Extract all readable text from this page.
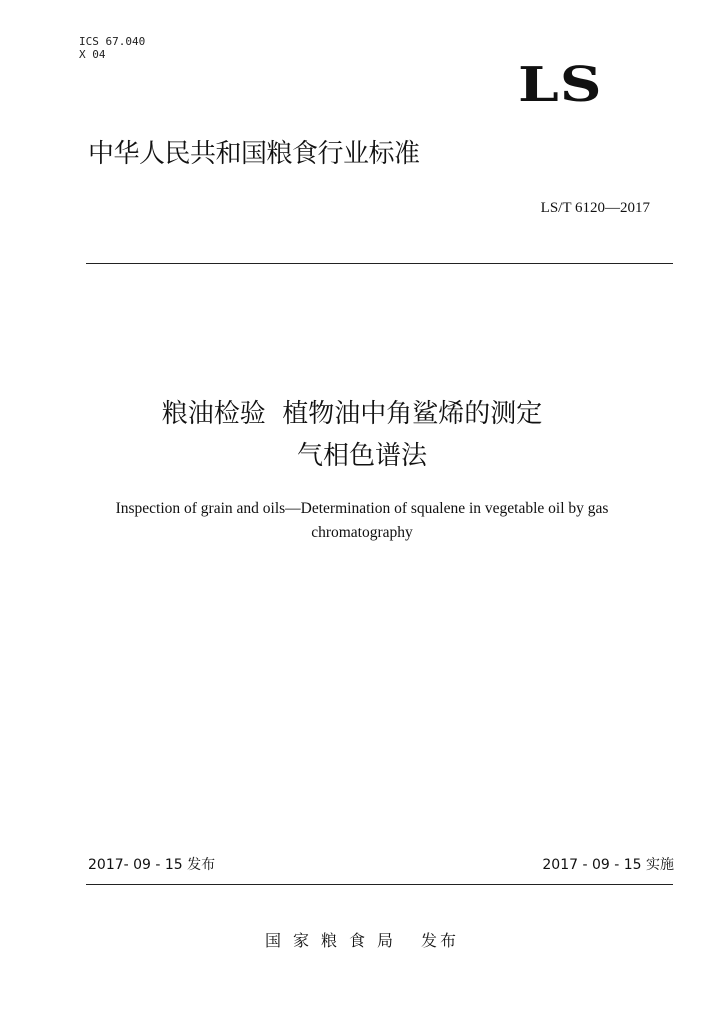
ICS 67.040
X 04
LS
中华人民共和国粮食行业标准
LS/T 6120—2017
粮油检验  植物油中角鲨烯的测定
气相色谱法
Inspection of grain and oils—Determination of squalene in vegetable oil by gas
chromatography
2017- 09 - 15 发布	2017 - 09 - 15 实施
国家粮食局 发布
